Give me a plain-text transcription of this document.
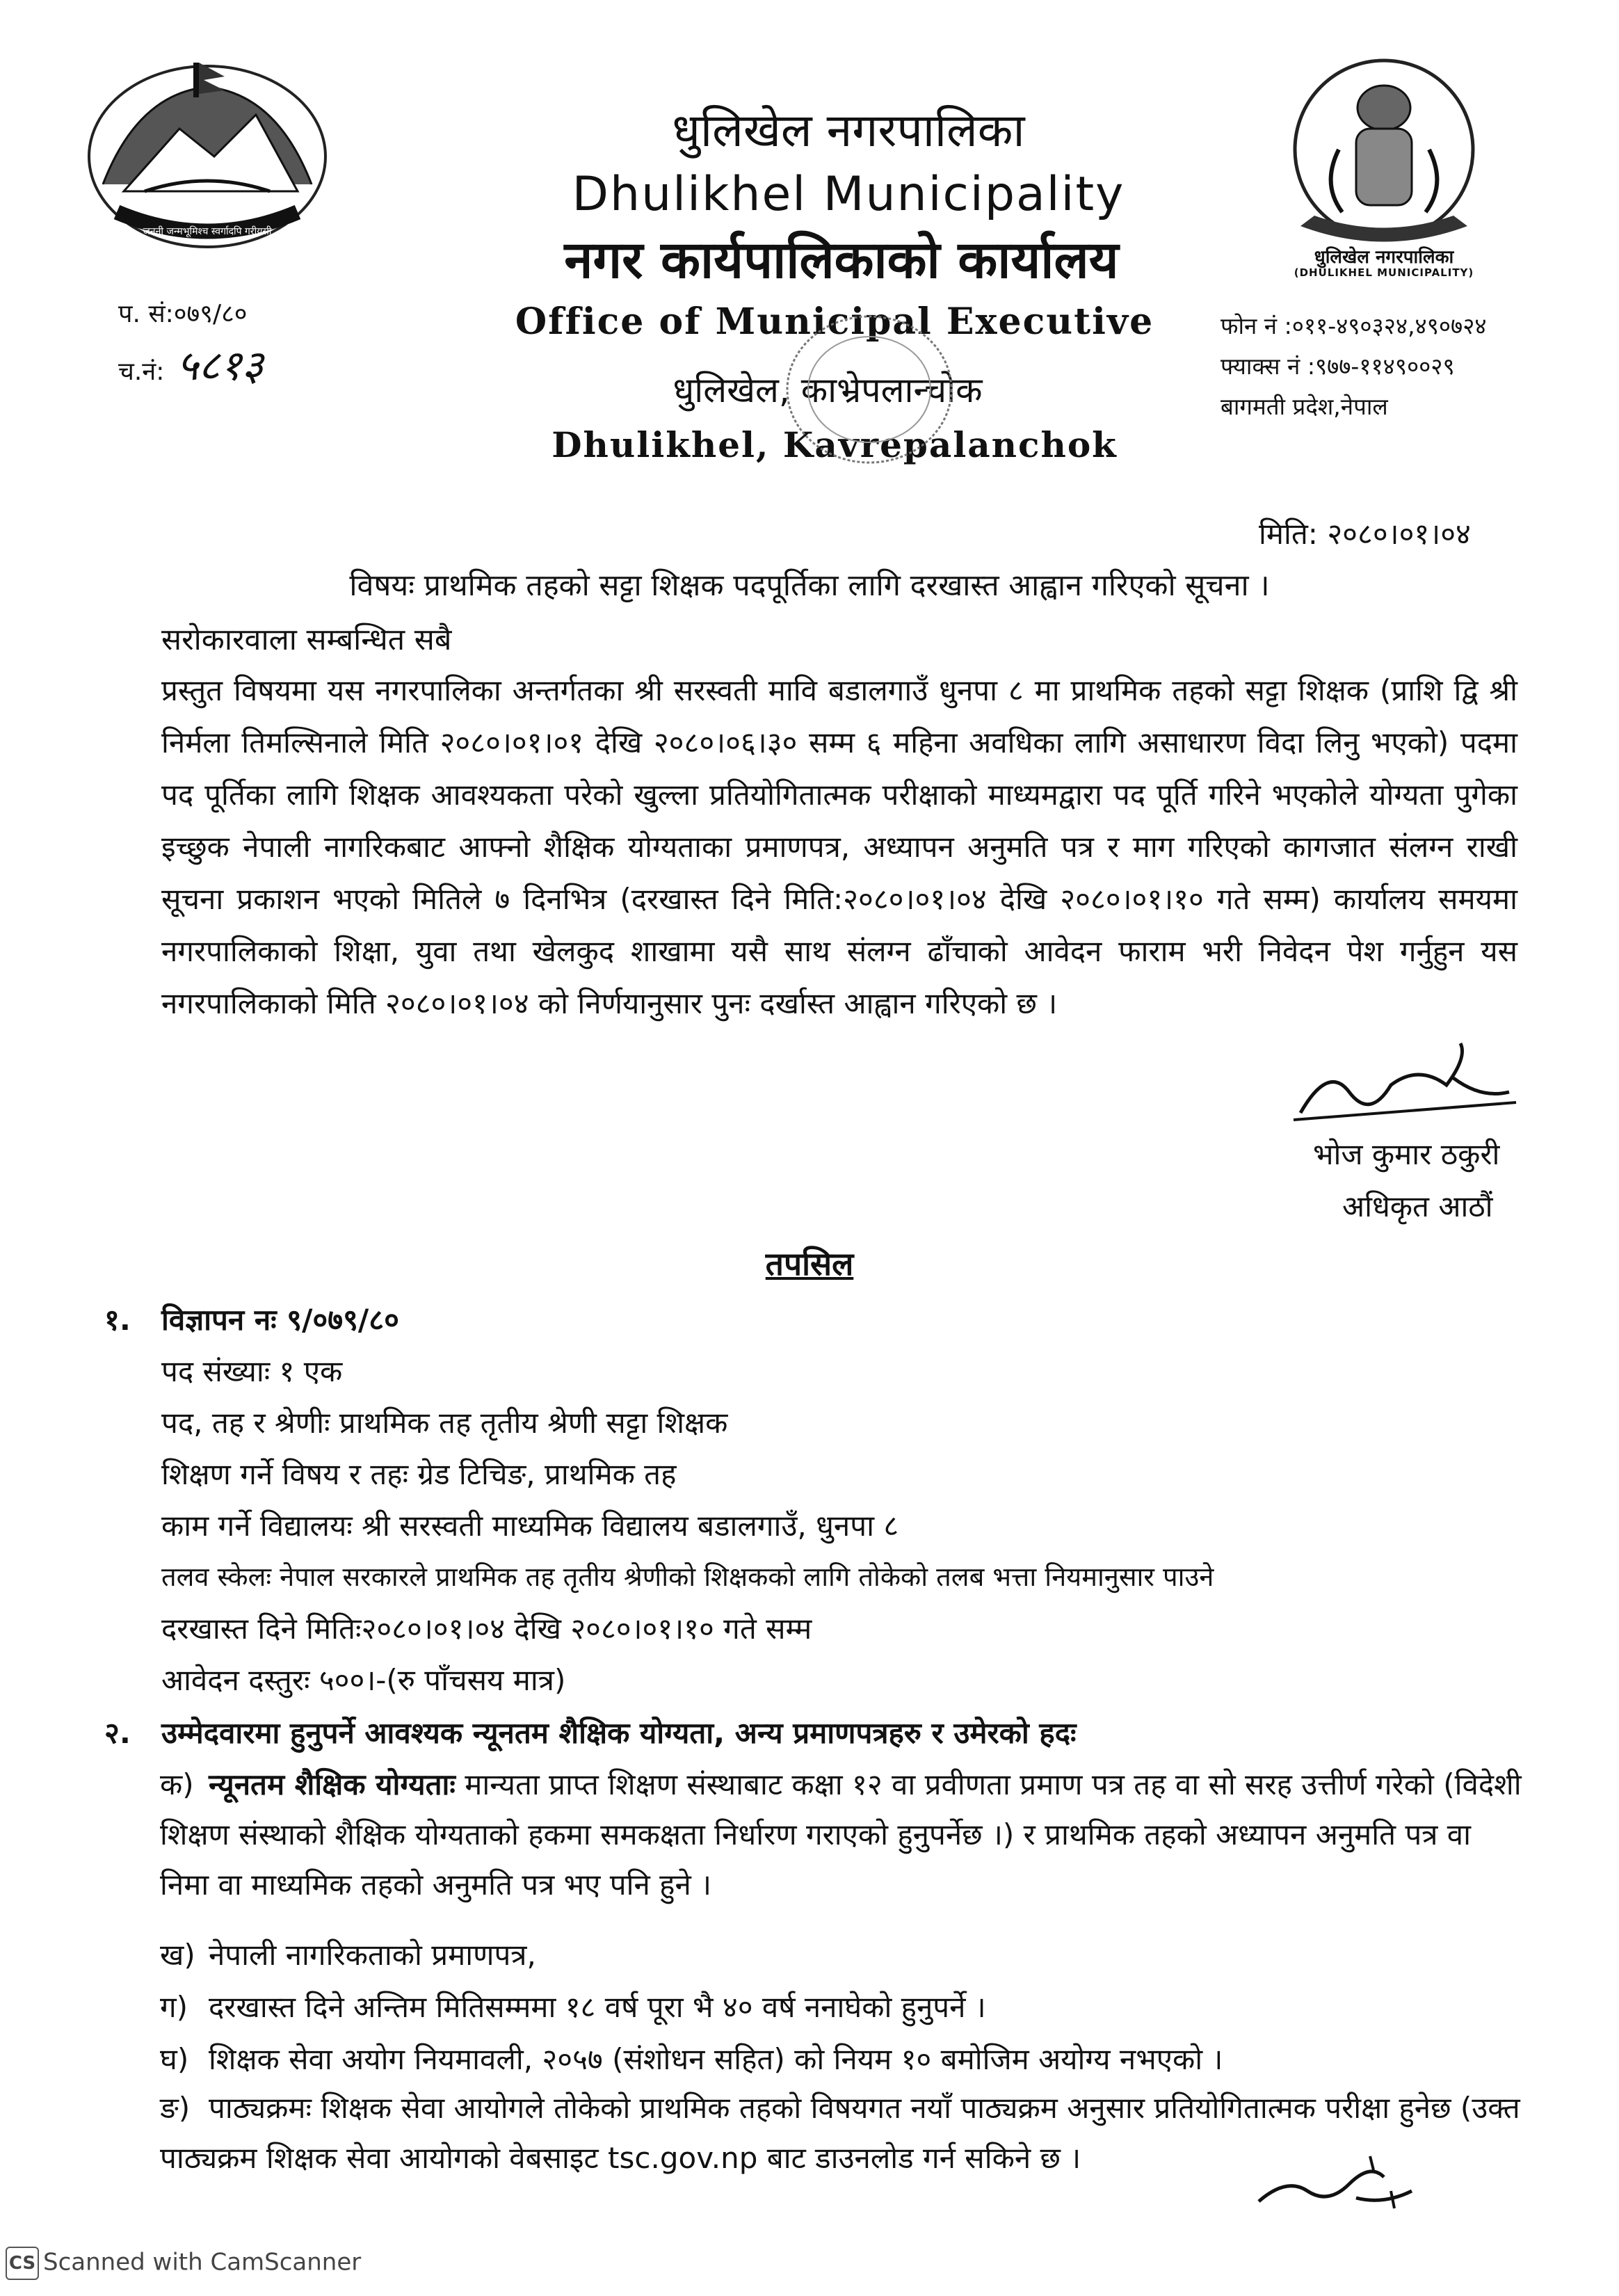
जननी जन्मभूमिश्च स्वर्गादपि गरीयसी
धुलिखेल नगरपालिका
(DHULIKHEL MUNICIPALITY)
धुलिखेल नगरपालिका
Dhulikhel Municipality
नगर कार्यपालिकाको कार्यालय
Office of Municipal Executive
धुलिखेल, काभ्रेपलान्चोक
Dhulikhel, Kavrepalanchok
प. सं:०७९/८०
च.नं: ५८१३
फोन नं :०११-४९०३२४,४९०७२४
फ्याक्स नं :९७७-११४९००२९
बागमती प्रदेश,नेपाल
मिति: २०८०।०१।०४
विषयः प्राथमिक तहको सट्टा शिक्षक पदपूर्तिका लागि दरखास्त आह्वान गरिएको सूचना ।
सरोकारवाला सम्बन्धित सबै
प्रस्तुत विषयमा यस नगरपालिका अन्तर्गतका श्री सरस्वती मावि बडालगाउँ धुनपा ८ मा प्राथमिक तहको सट्टा शिक्षक (प्राशि द्वि श्री निर्मला तिमल्सिनाले मिति २०८०।०१।०१ देखि २०८०।०६।३० सम्म ६ महिना अवधिका लागि असाधारण विदा लिनु भएको) पदमा पद पूर्तिका लागि शिक्षक आवश्यकता परेको खुल्ला प्रतियोगितात्मक परीक्षाको माध्यमद्वारा पद पूर्ति गरिने भएकोले योग्यता पुगेका इच्छुक नेपाली नागरिकबाट आफ्नो शैक्षिक योग्यताका प्रमाणपत्र, अध्यापन अनुमति पत्र र माग गरिएको कागजात संलग्न राखी सूचना प्रकाशन भएको मितिले ७ दिनभित्र (दरखास्त दिने मिति:२०८०।०१।०४ देखि २०८०।०१।१० गते सम्म) कार्यालय समयमा नगरपालिकाको शिक्षा, युवा तथा खेलकुद शाखामा यसै साथ संलग्न ढाँचाको आवेदन फाराम भरी निवेदन पेश गर्नुहुन यस नगरपालिकाको मिति २०८०।०१।०४ को निर्णयानुसार पुनः दर्खास्त आह्वान गरिएको छ ।
भोज कुमार ठकुरी
अधिकृत आठौं
तपसिल
१. विज्ञापन नः ९/०७९/८०
पद संख्याः १ एक
पद, तह र श्रेणीः प्राथमिक तह तृतीय श्रेणी सट्टा शिक्षक
शिक्षण गर्ने विषय र तहः ग्रेड टिचिङ, प्राथमिक तह
काम गर्ने विद्यालयः श्री सरस्वती माध्यमिक विद्यालय बडालगाउँ, धुनपा ८
तलव स्केलः नेपाल सरकारले प्राथमिक तह तृतीय श्रेणीको शिक्षकको लागि तोकेको तलब भत्ता नियमानुसार पाउने
दरखास्त दिने मितिः२०८०।०१।०४ देखि २०८०।०१।१० गते सम्म
आवेदन दस्तुरः ५००।-(रु पाँचसय मात्र)
२. उम्मेदवारमा हुनुपर्ने आवश्यक न्यूनतम शैक्षिक योग्यता, अन्य प्रमाणपत्रहरु र उमेरको हदः
क) न्यूनतम शैक्षिक योग्यताः मान्यता प्राप्त शिक्षण संस्थाबाट कक्षा १२ वा प्रवीणता प्रमाण पत्र तह वा सो सरह उत्तीर्ण गरेको (विदेशी शिक्षण संस्थाको शैक्षिक योग्यताको हकमा समकक्षता निर्धारण गराएको हुनुपर्नेछ ।) र प्राथमिक तहको अध्यापन अनुमति पत्र वा निमा वा माध्यमिक तहको अनुमति पत्र भए पनि हुने ।
ख) नेपाली नागरिकताको प्रमाणपत्र,
ग) दरखास्त दिने अन्तिम मितिसम्ममा १८ वर्ष पूरा भै ४० वर्ष ननाघेको हुनुपर्ने ।
घ) शिक्षक सेवा अयोग नियमावली, २०५७ (संशोधन सहित) को नियम १० बमोजिम अयोग्य नभएको ।
ङ) पाठ्यक्रमः शिक्षक सेवा आयोगले तोकेको प्राथमिक तहको विषयगत नयाँ पाठ्यक्रम अनुसार प्रतियोगितात्मक परीक्षा हुनेछ (उक्त पाठ्यक्रम शिक्षक सेवा आयोगको वेबसाइट tsc.gov.np बाट डाउनलोड गर्न सकिने छ ।
CS Scanned with CamScanner
